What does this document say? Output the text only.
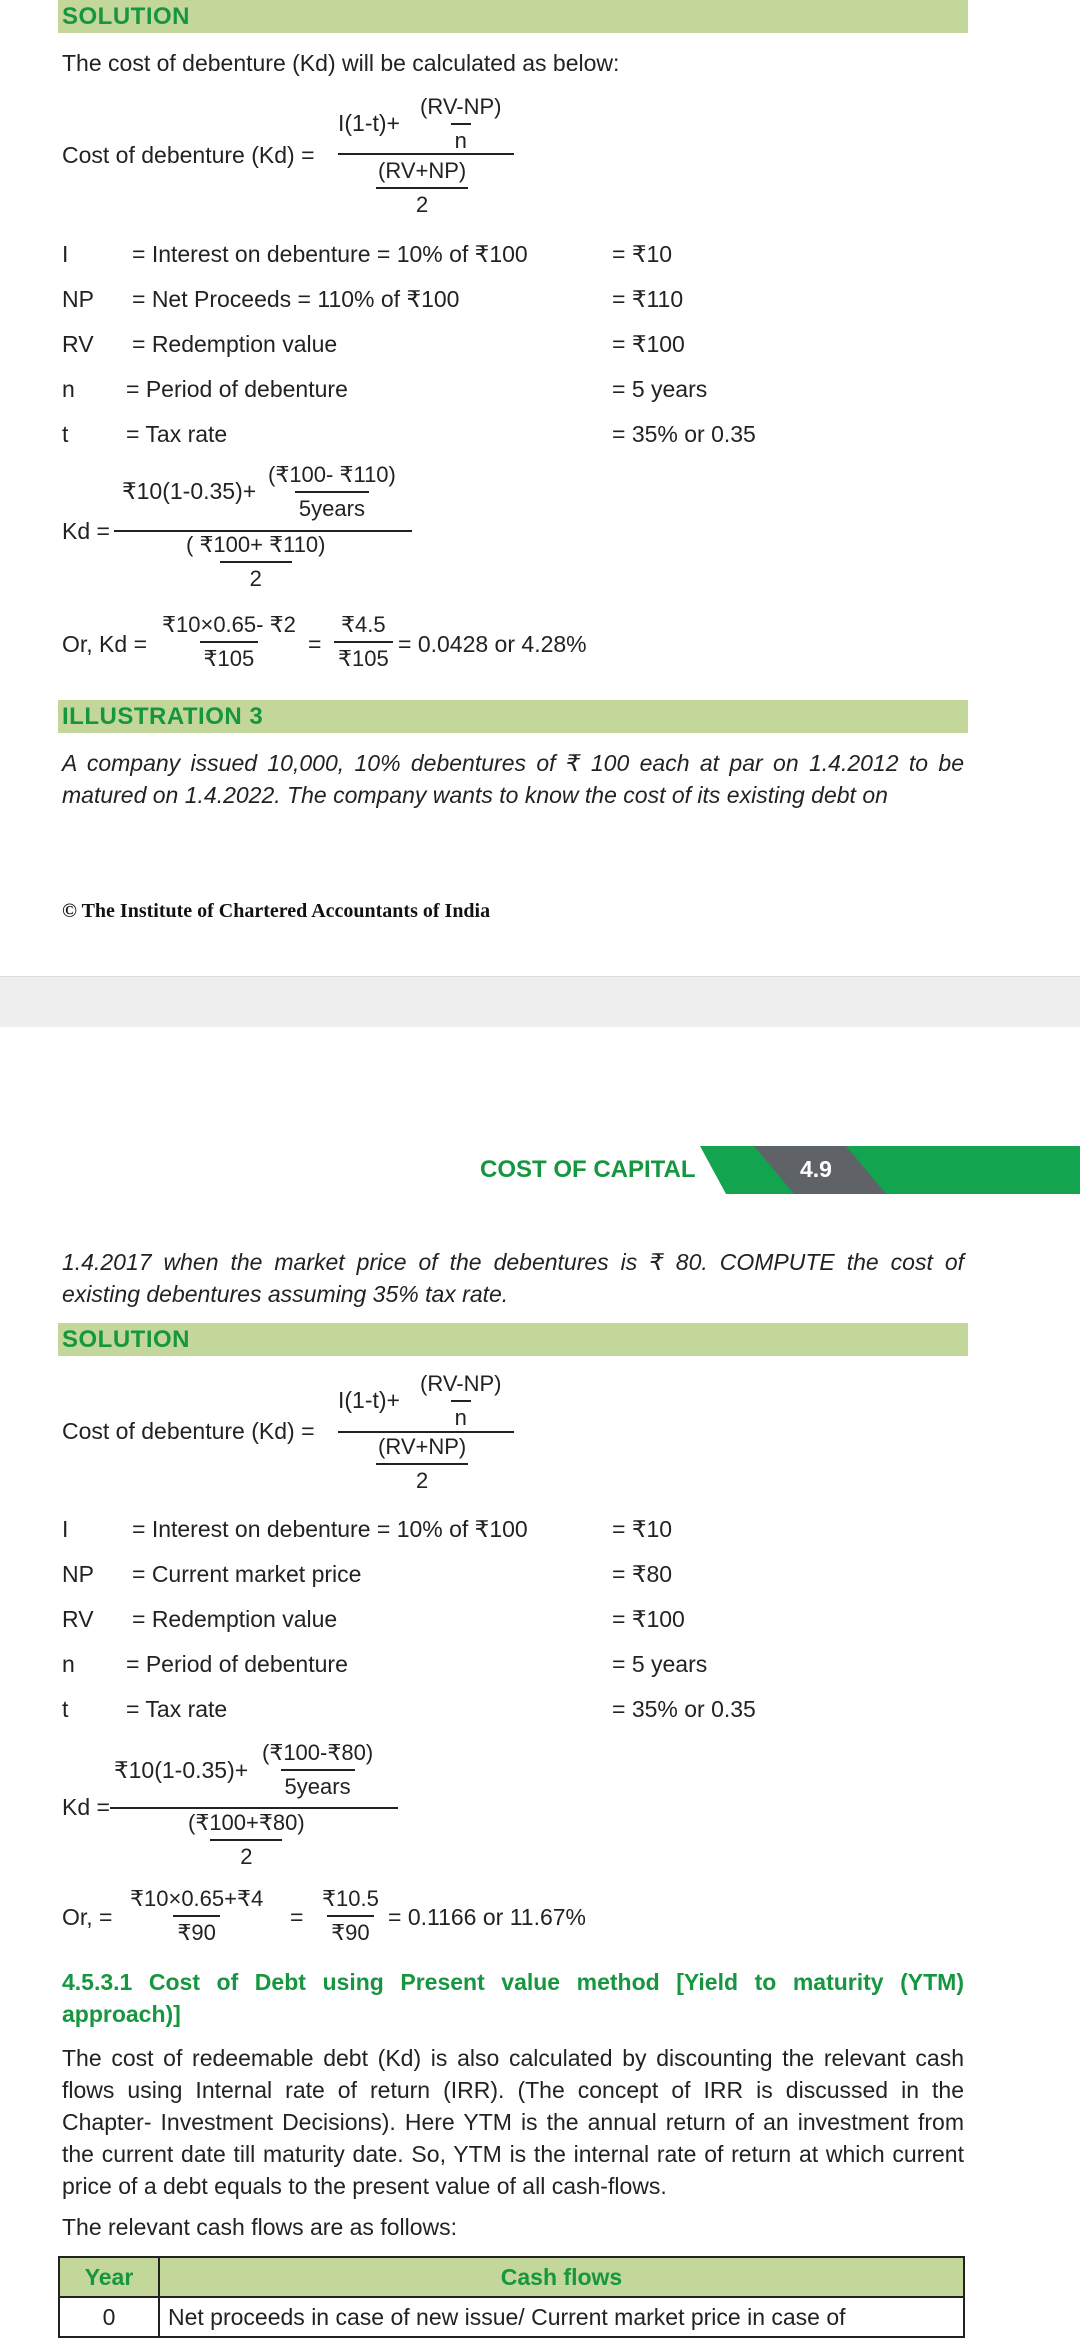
SOLUTION
The cost of debenture (Kd) will be calculated as below:
Cost of debenture (Kd) =
$I(1-t)+ \frac{(RV-NP)}{n}$
$\frac{(RV+NP)}{2}$
I	= Interest on debenture = 10% of ₹100	= ₹10
NP = Net Proceeds = 110% of ₹100	= ₹110
RV = Redemption value	= ₹100
n = Period of debenture	= 5 years
t	= Tax rate	= 35% or 0.35
Kd =
₹10(1-0.35)+
(₹100- ₹110)
5years
$\frac{( ₹100+ ₹110)}{2}$
Or, $Kd = \frac{₹10\times 0.65- ₹2}{₹105} = \frac{₹4.5}{₹105} = 0.0428$ or 4.28%
ILLUSTRATION 3
A company issued 10,000, 10% debentures of ₹ 100 each at par on 1.4.2012 to be matured on 1.4.2022. The company wants to know the cost of its existing debt on
© The Institute of Chartered Accountants of India
COST OF CAPITAL	4.9
1.4.2017 when the market price of the debentures is ₹ 80. COMPUTE the cost of existing debentures assuming 35% tax rate.
SOLUTION
Cost of debenture (Kd) =
$I(1-t)+ \frac{(RV-NP)}{n}$
$\frac{(RV+NP)}{2}$
I	= Interest on debenture = 10% of ₹100	= ₹10
NP = Current market price	= ₹80
RV = Redemption value	= ₹100
n = Period of debenture	= 5 years
t	= Tax rate	= 35% or 0.35
Kd =
₹10(1-0.35)+
(₹100-₹80)
5years
$\frac{(₹100+₹80)}{2}$
Or, = $\frac{₹10\times 0.65+₹4}{₹90} = \frac{₹10.5}{₹90} = 0.1166$ or 11.67%
4.5.3.1 Cost of Debt using Present value method [Yield to maturity (YTM) approach)]
The cost of redeemable debt (Kd) is also calculated by discounting the relevant cash flows using Internal rate of return (IRR). (The concept of IRR is discussed in the Chapter- Investment Decisions). Here YTM is the annual return of an investment from the current date till maturity date. So, YTM is the internal rate of return at which current price of a debt equals to the present value of all cash-flows.
The relevant cash flows are as follows:
Year	Cash flows
0	Net proceeds in case of new issue/ Current market price in case of
